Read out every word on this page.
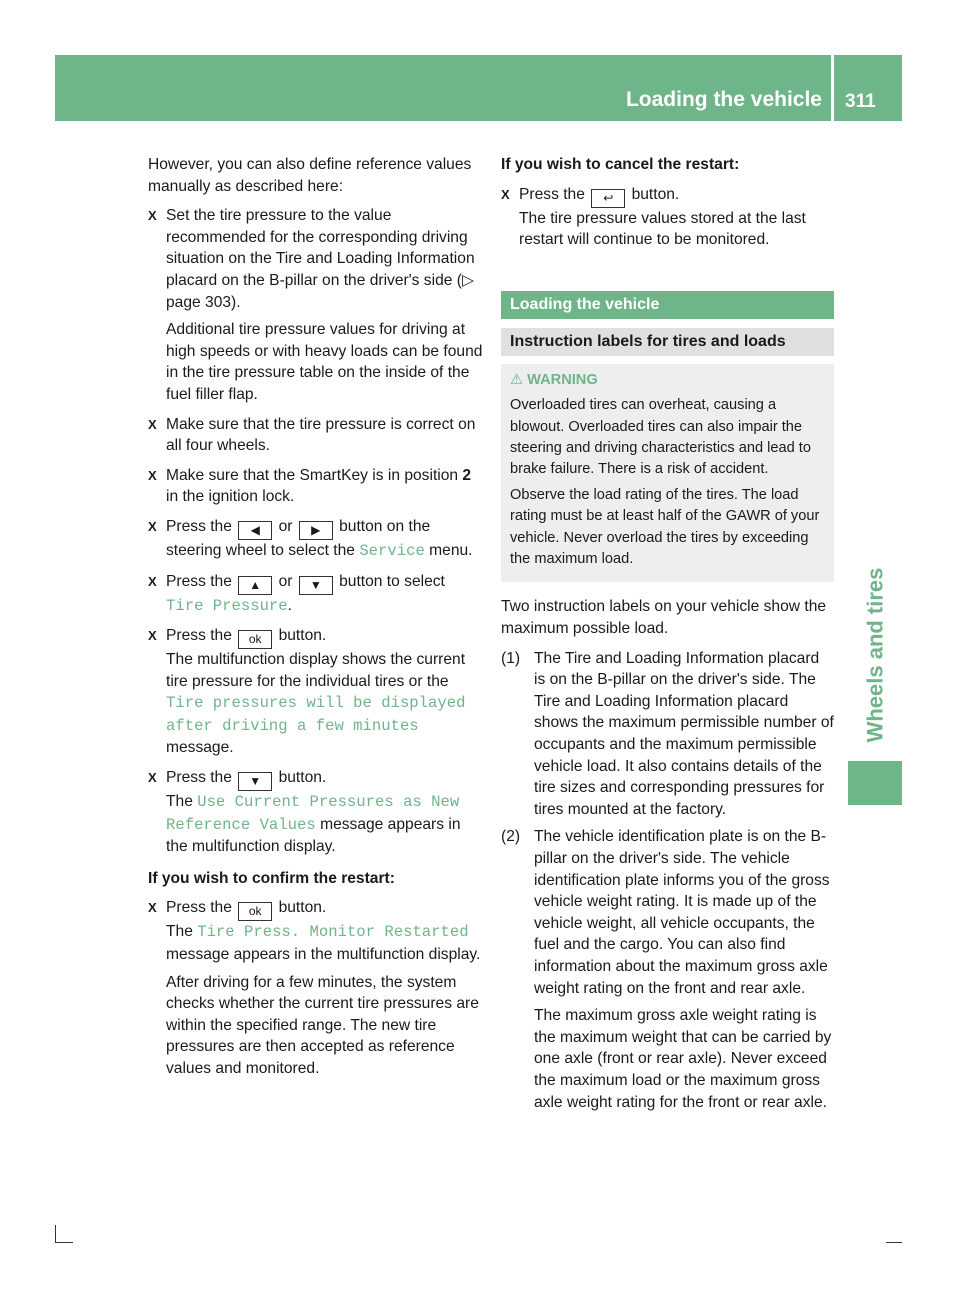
Loading the vehicle 311
Wheels and tires

However, you can also define reference values manually as described here:

X Set the tire pressure to the value recommended for the corresponding driving situation on the Tire and Loading Information placard on the B-pillar on the driver's side (▷ page 303).

Additional tire pressure values for driving at high speeds or with heavy loads can be found in the tire pressure table on the inside of the fuel filler flap.

X Make sure that the tire pressure is correct on all four wheels.

X Make sure that the SmartKey is in position 2 in the ignition lock.

X Press the ◀ or ▶ button on the steering wheel to select the Service menu.

X Press the ▲ or ▼ button to select Tire Pressure.

X Press the ok button.
The multifunction display shows the current tire pressure for the individual tires or the Tire pressures will be displayed after driving a few minutes message.

X Press the ▼ button.
The Use Current Pressures as New Reference Values message appears in the multifunction display.

If you wish to confirm the restart:

X Press the ok button.
The Tire Press. Monitor Restarted message appears in the multifunction display.

After driving for a few minutes, the system checks whether the current tire pressures are within the specified range. The new tire pressures are then accepted as reference values and monitored.

If you wish to cancel the restart:

X Press the ↩ button.
The tire pressure values stored at the last restart will continue to be monitored.

Loading the vehicle
Instruction labels for tires and loads
⚠ WARNING

Overloaded tires can overheat, causing a blowout. Overloaded tires can also impair the steering and driving characteristics and lead to brake failure. There is a risk of accident.

Observe the load rating of the tires. The load rating must be at least half of the GAWR of your vehicle. Never overload the tires by exceeding the maximum load.

Two instruction labels on your vehicle show the maximum possible load.

(1) The Tire and Loading Information placard is on the B-pillar on the driver's side. The Tire and Loading Information placard shows the maximum permissible number of occupants and the maximum permissible vehicle load. It also contains details of the tire sizes and corresponding pressures for tires mounted at the factory.

(2) The vehicle identification plate is on the B-pillar on the driver's side. The vehicle identification plate informs you of the gross vehicle weight rating. It is made up of the vehicle weight, all vehicle occupants, the fuel and the cargo. You can also find information about the maximum gross axle weight rating on the front and rear axle.

The maximum gross axle weight rating is the maximum weight that can be carried by one axle (front or rear axle). Never exceed the maximum load or the maximum gross axle weight rating for the front or rear axle.
